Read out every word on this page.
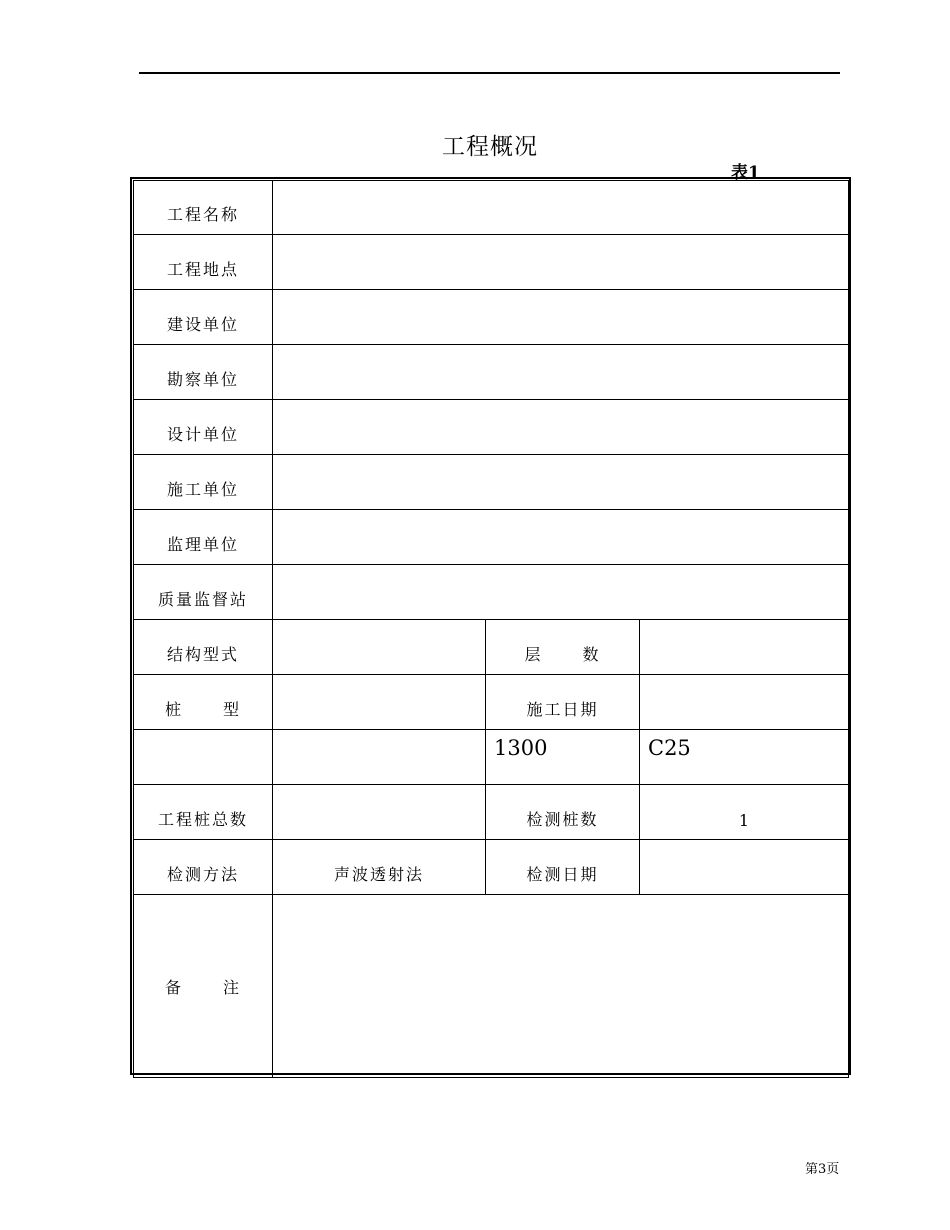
工程概况
表1
工程名称			
工程地点			
建设单位			
勘察单位			
设计单位			
施工单位			
监理单位			
质量监督站			
结构型式		层 数	
桩 型		施工日期	
		1300	C25
工程桩总数		检测桩数	1
检测方法	声波透射法	检测日期	
备 注			
第3页
